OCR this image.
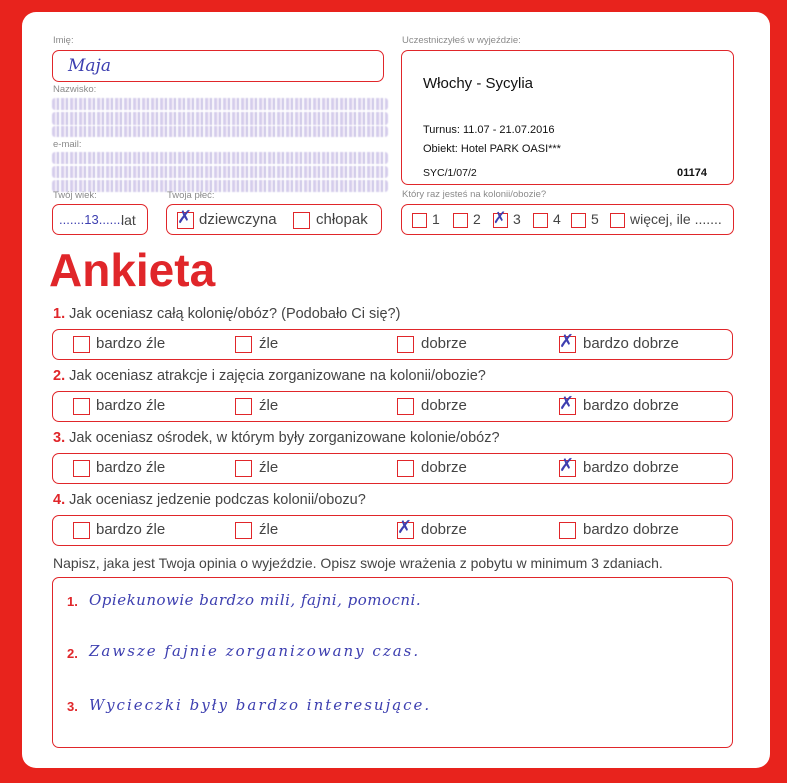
Imię:
Maja
Nazwisko:
e-mail:
Twój wiek:
.......13.......
lat
Twoja płeć:
✗ dziewczyna	chłopak
Uczestniczyłeś w wyjeździe:
Włochy - Sycylia
Turnus: 11.07 - 21.07.2016
Obiekt: Hotel PARK OASI***
SYC/1/07/2	01174
Który raz jesteś na kolonii/obozie?
1 2 ✗ 3 4 5 więcej, ile .......
Ankieta
1. Jak oceniasz całą kolonię/obóz? (Podobało Ci się?)
bardzo źle	źle	dobrze	✗ bardzo dobrze
2. Jak oceniasz atrakcje i zajęcia zorganizowane na kolonii/obozie?
bardzo źle	źle	dobrze	✗ bardzo dobrze
3. Jak oceniasz ośrodek, w którym były zorganizowane kolonie/obóz?
bardzo źle	źle	dobrze	✗ bardzo dobrze
4. Jak oceniasz jedzenie podczas kolonii/obozu?
bardzo źle	źle	✗ dobrze	bardzo dobrze
Napisz, jaka jest Twoja opinia o wyjeździe. Opisz swoje wrażenia z pobytu w minimum 3 zdaniach.
1. Opiekunowie bardzo mili, fajni, pomocni.
2. Zawsze fajnie zorganizowany czas.
3. Wycieczki były bardzo interesujące.
